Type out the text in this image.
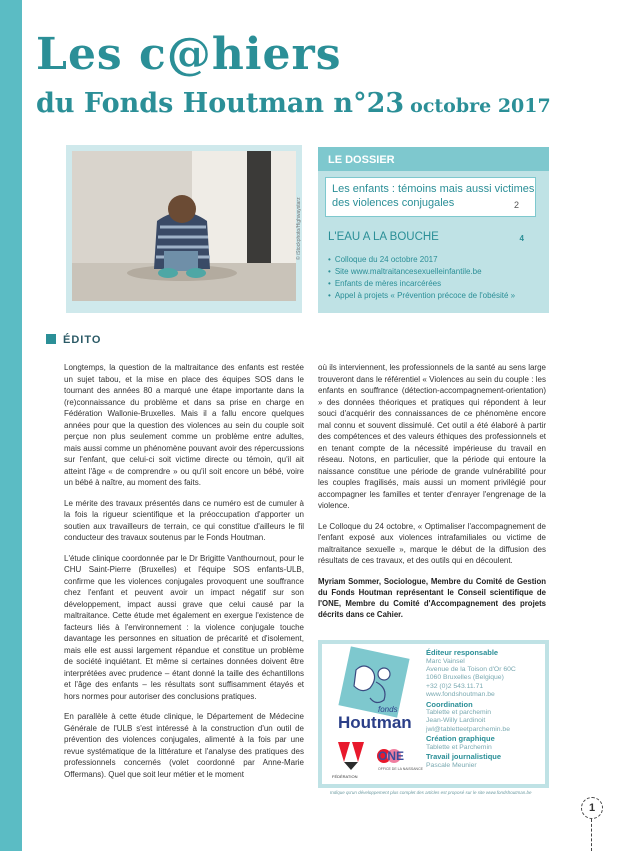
Les c@hiers
du Fonds Houtman n°23 octobre 2017
© iStockphoto/Highwaystarz
LE DOSSIER
Les enfants : témoins mais aussi victimes des violences conjugales	2
L'EAU A LA BOUCHE	4
• Colloque du 24 octobre 2017
• Site www.maltraitancesexuelleinfantile.be
• Enfants de mères incarcérées
• Appel à projets « Prévention précoce de l'obésité »
ÉDITO

Longtemps, la question de la maltraitance des enfants est restée un sujet tabou, et la mise en place des équipes SOS dans le tournant des années 80 a marqué une étape importante dans la (re)connaissance du problème et dans sa prise en charge en Fédération Wallonie-Bruxelles. Mais il a fallu encore quelques années pour que la question des violences au sein du couple soit perçue non plus seulement comme un problème entre adultes, mais aussi comme un phénomène pouvant avoir des répercussions sur l'enfant, que celui-ci soit victime directe ou témoin, qu'il ait atteint l'âge « de comprendre » ou qu'il soit encore un bébé, voire un bébé à naître, au moment des faits.

Le mérite des travaux présentés dans ce numéro est de cumuler à la fois la rigueur scientifique et la préoccupation d'apporter un soutien aux travailleurs de terrain, ce qui constitue d'ailleurs le fil conducteur des travaux soutenus par le Fonds Houtman.

L'étude clinique coordonnée par le Dr Brigitte Vanthournout, pour le CHU Saint-Pierre (Bruxelles) et l'équipe SOS enfants-ULB, confirme que les violences conjugales provoquent une souffrance chez l'enfant et peuvent avoir un impact négatif sur son développement, impact aussi grave que celui causé par la maltraitance. Cette étude met également en exergue l'existence de facteurs liés à l'environnement : la violence conjugale touche davantage les personnes en situation de précarité et d'isolement, mais elle est aussi largement répandue et constitue un problème de société inquiétant. Et même si certaines données doivent être interprétées avec prudence – étant donné la taille des échantillons et l'âge des enfants – les résultats sont suffisamment étayés et hors normes pour autoriser des conclusions pratiques.

En parallèle à cette étude clinique, le Département de Médecine Générale de l'ULB s'est intéressé à la construction d'un outil de prévention des violences conjugales, alimenté à la fois par une revue systématique de la littérature et l'analyse des pratiques des professionnels concernés (volet coordonné par Anne-Marie Offermans). Quel que soit leur métier et le moment

où ils interviennent, les professionnels de la santé au sens large trouveront dans le référentiel « Violences au sein du couple : les enfants en souffrance (détection-accompagnement-orientation) » des données théoriques et pratiques qui répondent à leur souci d'acquérir des connaissances de ce phénomène encore mal connu et souvent dissimulé. Cet outil a été élaboré à partir des compétences et des valeurs éthiques des professionnels et en tenant compte de la nécessité impérieuse du travail en réseau. Notons, en particulier, que la période qui entoure la naissance constitue une période de grande vulnérabilité pour les couples fragilisés, mais aussi un moment privilégié pour accompagner les familles et tenter d'enrayer l'engrenage de la violence.

Le Colloque du 24 octobre, « Optimaliser l'accompagnement de l'enfant exposé aux violences intrafamiliales ou victime de maltraitance sexuelle », marque le début de la diffusion des résultats de ces travaux, et des outils qui en découlent.

Myriam Sommer, Sociologue, Membre du Comité de Gestion du Fonds Houtman représentant le Conseil scientifique de l'ONE, Membre du Comité d'Accompagnement des projets décrits dans ce Cahier.

fonds
Houtman
FÉDÉRATION
ONE
OFFICE DE LA NAISSANCE
Éditeur responsable
Marc Vainsel
Avenue de la Toison d'Or 60C
1060 Bruxelles (Belgique)
+32 (0)2 543.11.71
www.fondshoutman.be
Coordination
Tablette et parchemin
Jean-Willy Lardinoit
jwl@tabletteetparchemin.be
Création graphique
Tablette et Parchemin
Travail journalistique
Pascale Meunier
Indique qu'un développement plus complet des articles est proposé sur le site www.fondshoutman.be
1
